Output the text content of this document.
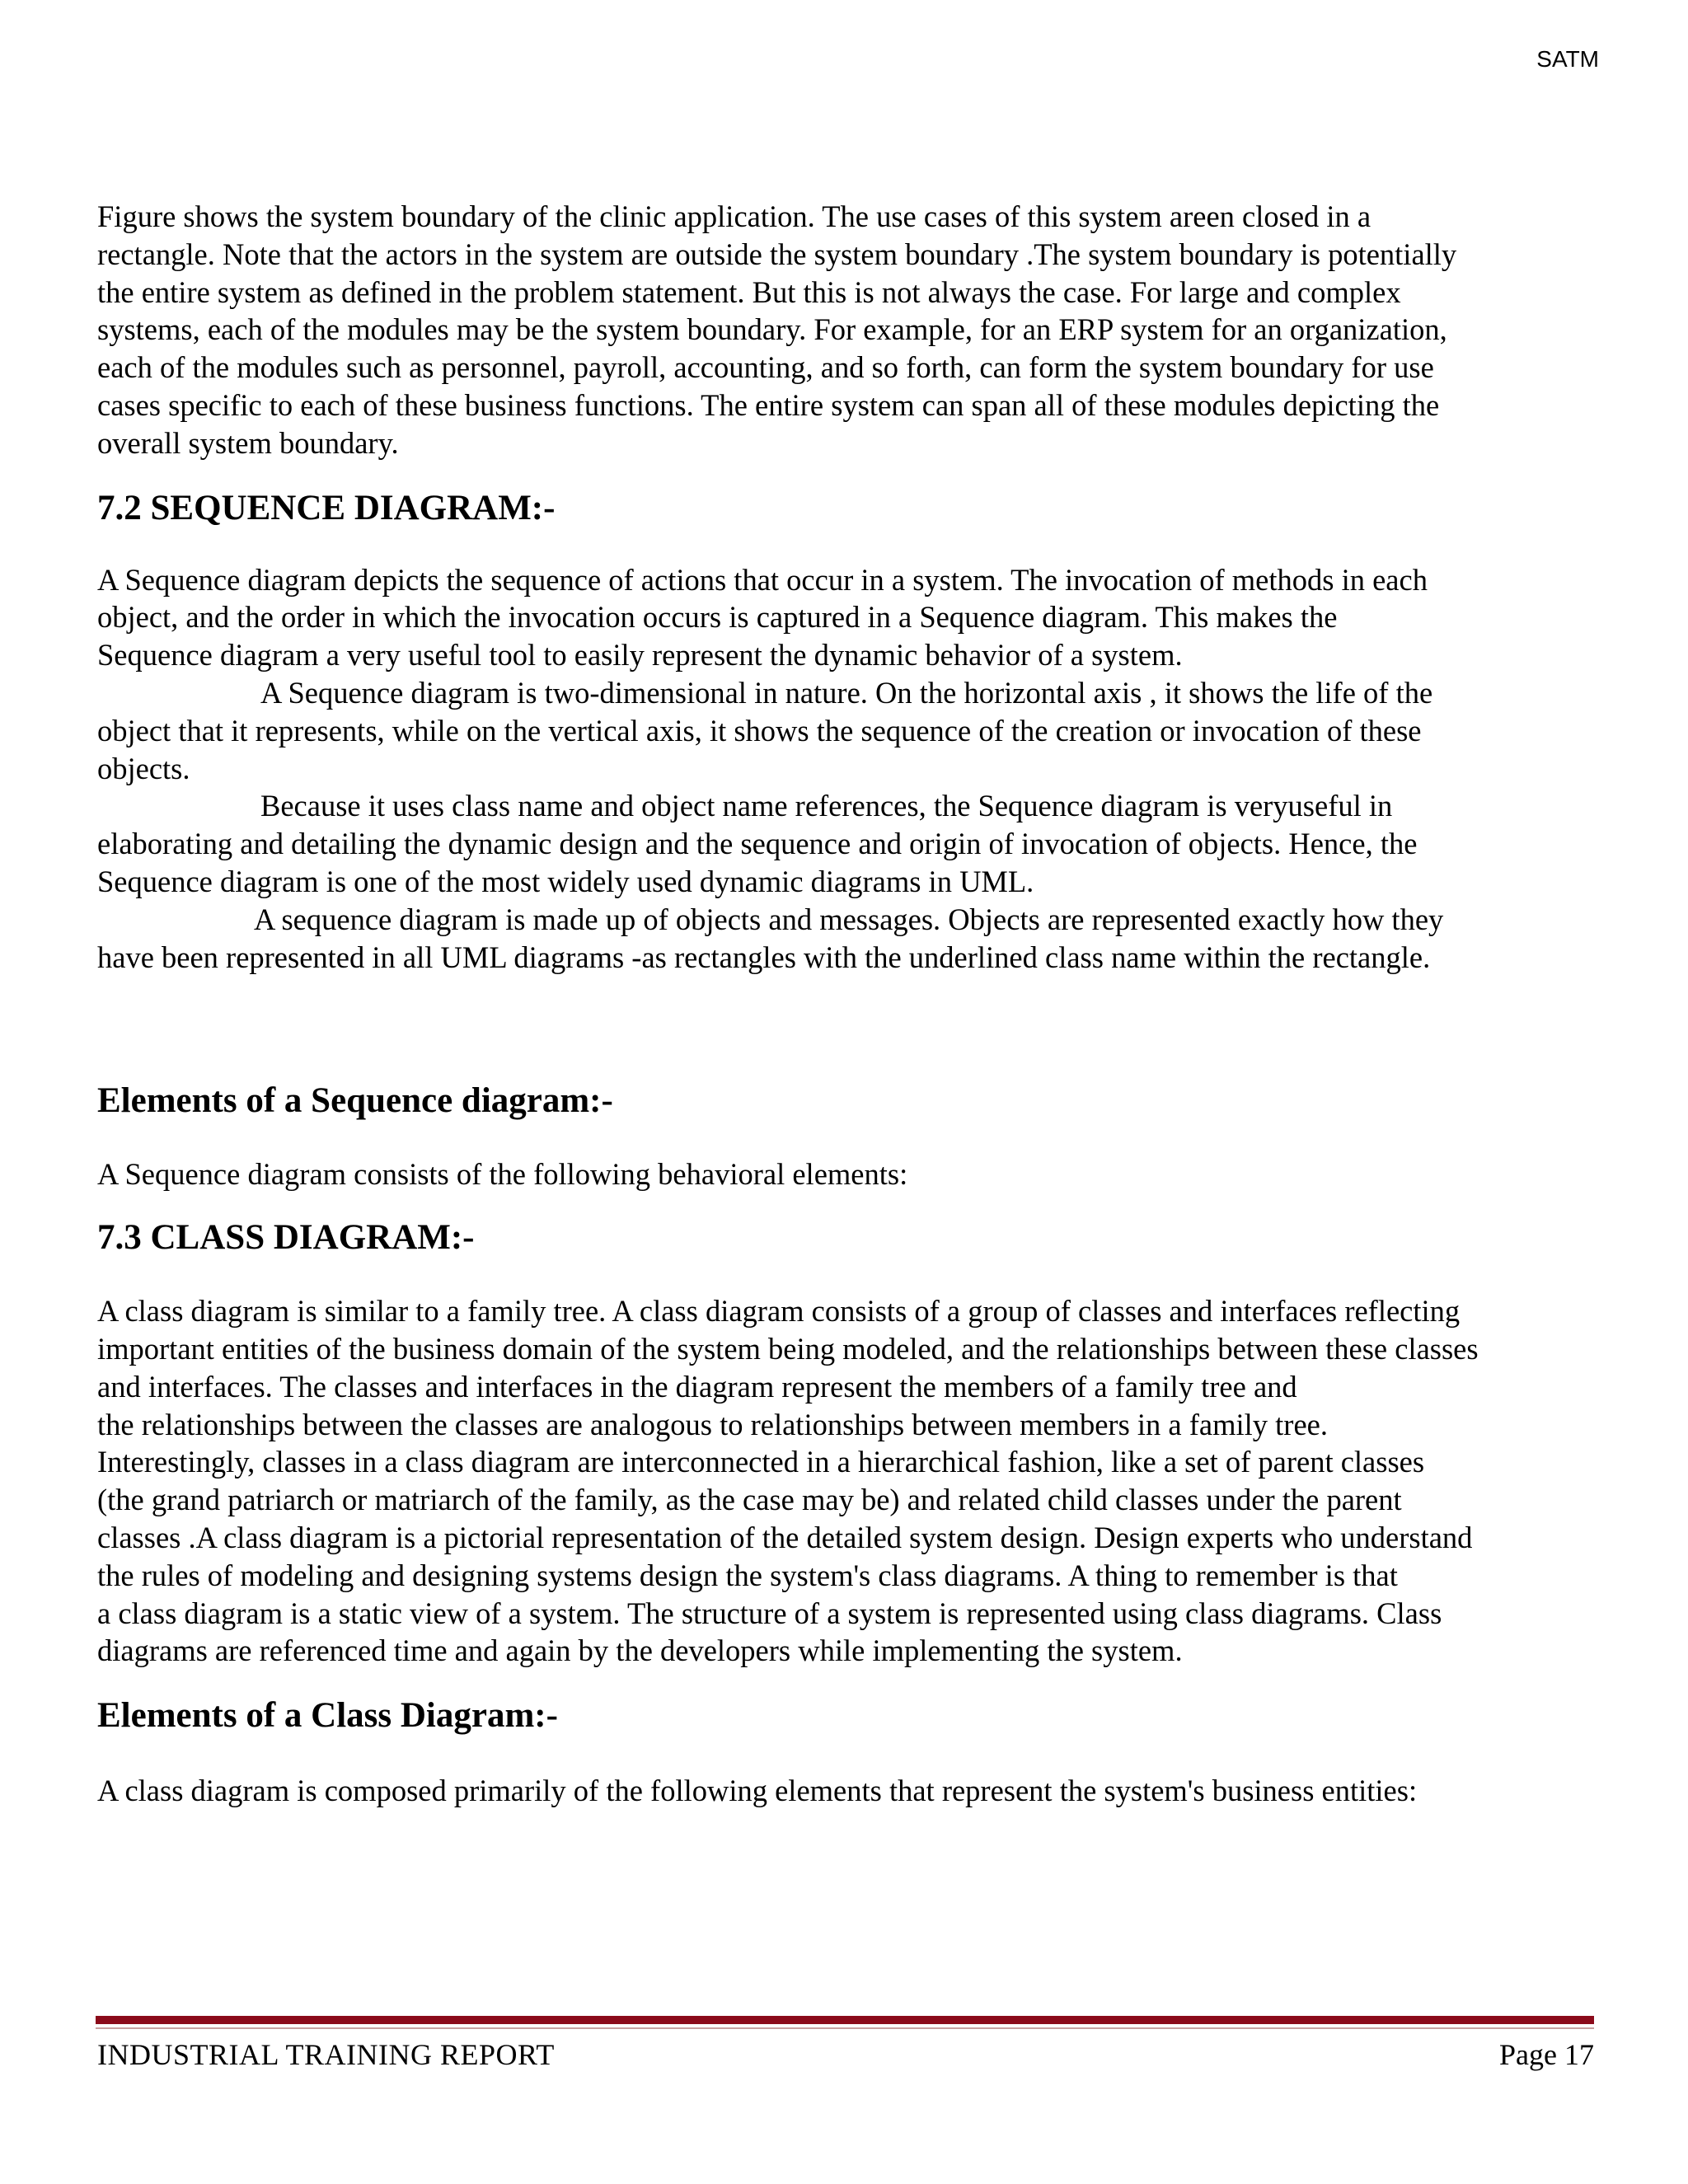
SATM

Figure shows the system boundary of the clinic application. The use cases of this system areen closed in a
rectangle. Note that the actors in the system are outside the system boundary .The system boundary is potentially
the entire system as defined in the problem statement. But this is not always the case. For large and complex
systems, each of the modules may be the system boundary. For example, for an ERP system for an organization,
each of the modules such as personnel, payroll, accounting, and so forth, can form the system boundary for use
cases specific to each of these business functions. The entire system can span all of these modules depicting the
overall system boundary.

7.2 SEQUENCE DIAGRAM:-

A Sequence diagram depicts the sequence of actions that occur in a system. The invocation of methods in each
object, and the order in which the invocation occurs is captured in a Sequence diagram. This makes the
Sequence diagram a very useful tool to easily represent the dynamic behavior of a system.

A Sequence diagram is two-dimensional in nature. On the horizontal axis , it shows the life of the
object that it represents, while on the vertical axis, it shows the sequence of the creation or invocation of these
objects.

Because it uses class name and object name references, the Sequence diagram is veryuseful in
elaborating and detailing the dynamic design and the sequence and origin of invocation of objects. Hence, the
Sequence diagram is one of the most widely used dynamic diagrams in UML.

A sequence diagram is made up of objects and messages. Objects are represented exactly how they
have been represented in all UML diagrams -as rectangles with the underlined class name within the rectangle.

Elements of a Sequence diagram:-

A Sequence diagram consists of the following behavioral elements:

7.3 CLASS DIAGRAM:-

A class diagram is similar to a family tree. A class diagram consists of a group of classes and interfaces reflecting
important entities of the business domain of the system being modeled, and the relationships between these classes
and interfaces. The classes and interfaces in the diagram represent the members of a family tree and
the relationships between the classes are analogous to relationships between members in a family tree.
Interestingly, classes in a class diagram are interconnected in a hierarchical fashion, like a set of parent classes
(the grand patriarch or matriarch of the family, as the case may be) and related child classes under the parent
classes .A class diagram is a pictorial representation of the detailed system design. Design experts who understand
the rules of modeling and designing systems design the system's class diagrams. A thing to remember is that
a class diagram is a static view of a system. The structure of a system is represented using class diagrams. Class
diagrams are referenced time and again by the developers while implementing the system.

Elements of a Class Diagram:-

A class diagram is composed primarily of the following elements that represent the system's business entities:

INDUSTRIAL TRAINING REPORT	Page 17
